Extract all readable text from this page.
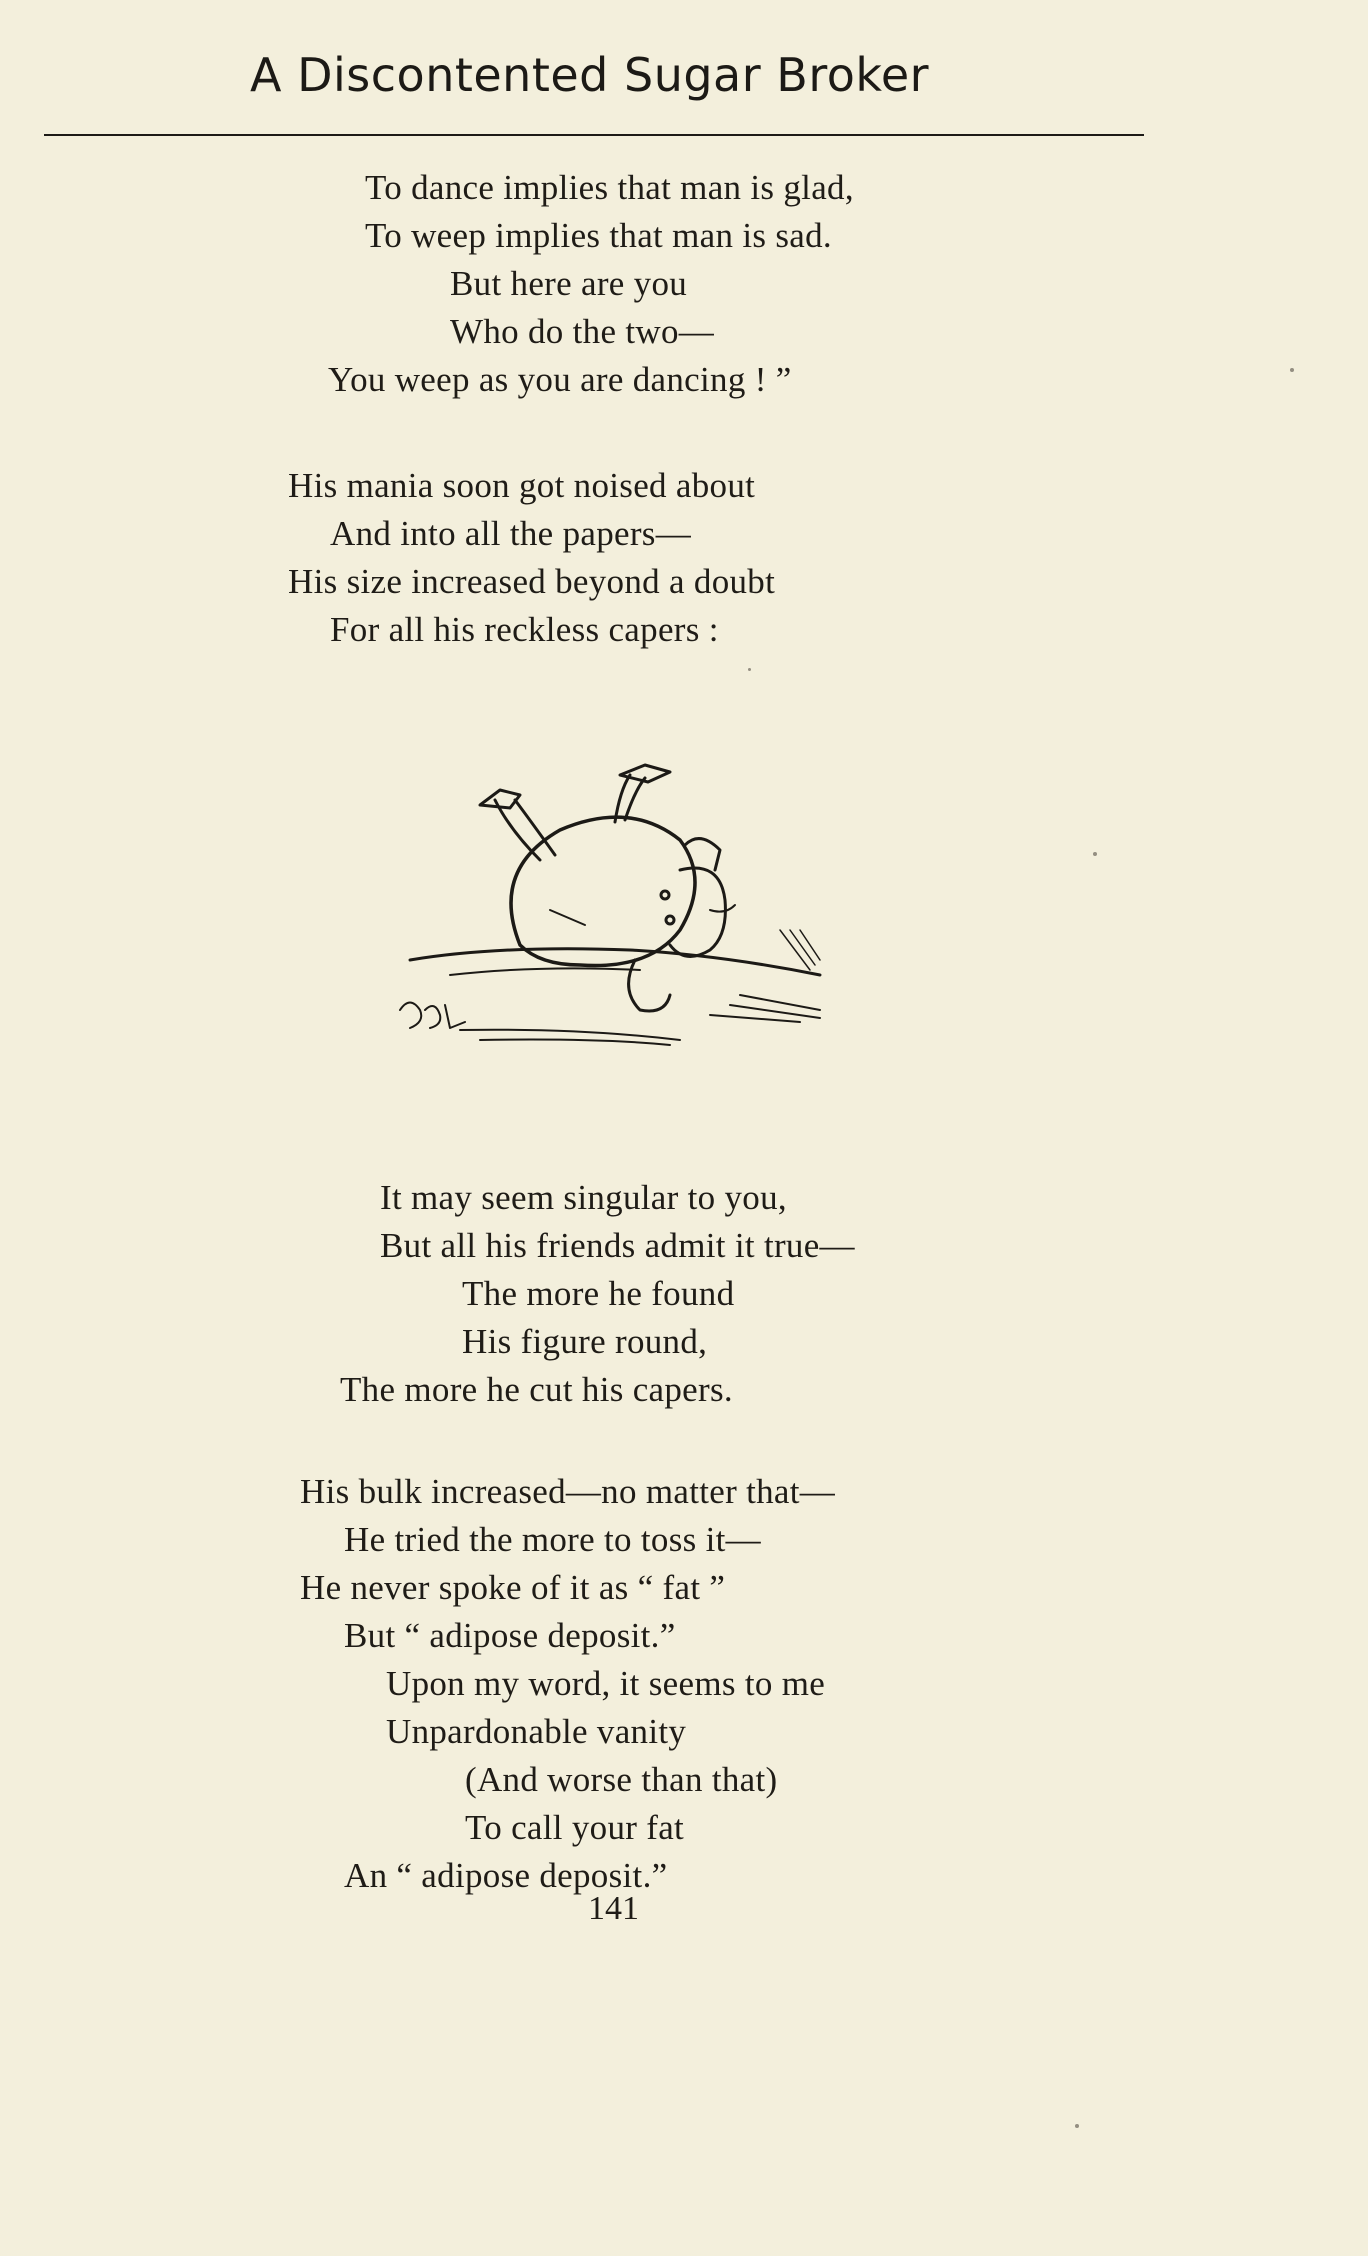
A Discontented Sugar Broker
To dance implies that man is glad,
To weep implies that man is sad.
But here are you
Who do the two—
You weep as you are dancing ! ”
His mania soon got noised about
And into all the papers—
His size increased beyond a doubt
For all his reckless capers :
It may seem singular to you,
But all his friends admit it true—
The more he found
His figure round,
The more he cut his capers.
His bulk increased—no matter that—
He tried the more to toss it—
He never spoke of it as “ fat ”
But “ adipose deposit.”
Upon my word, it seems to me
Unpardonable vanity
(And worse than that)
To call your fat
An “ adipose deposit.”
141
